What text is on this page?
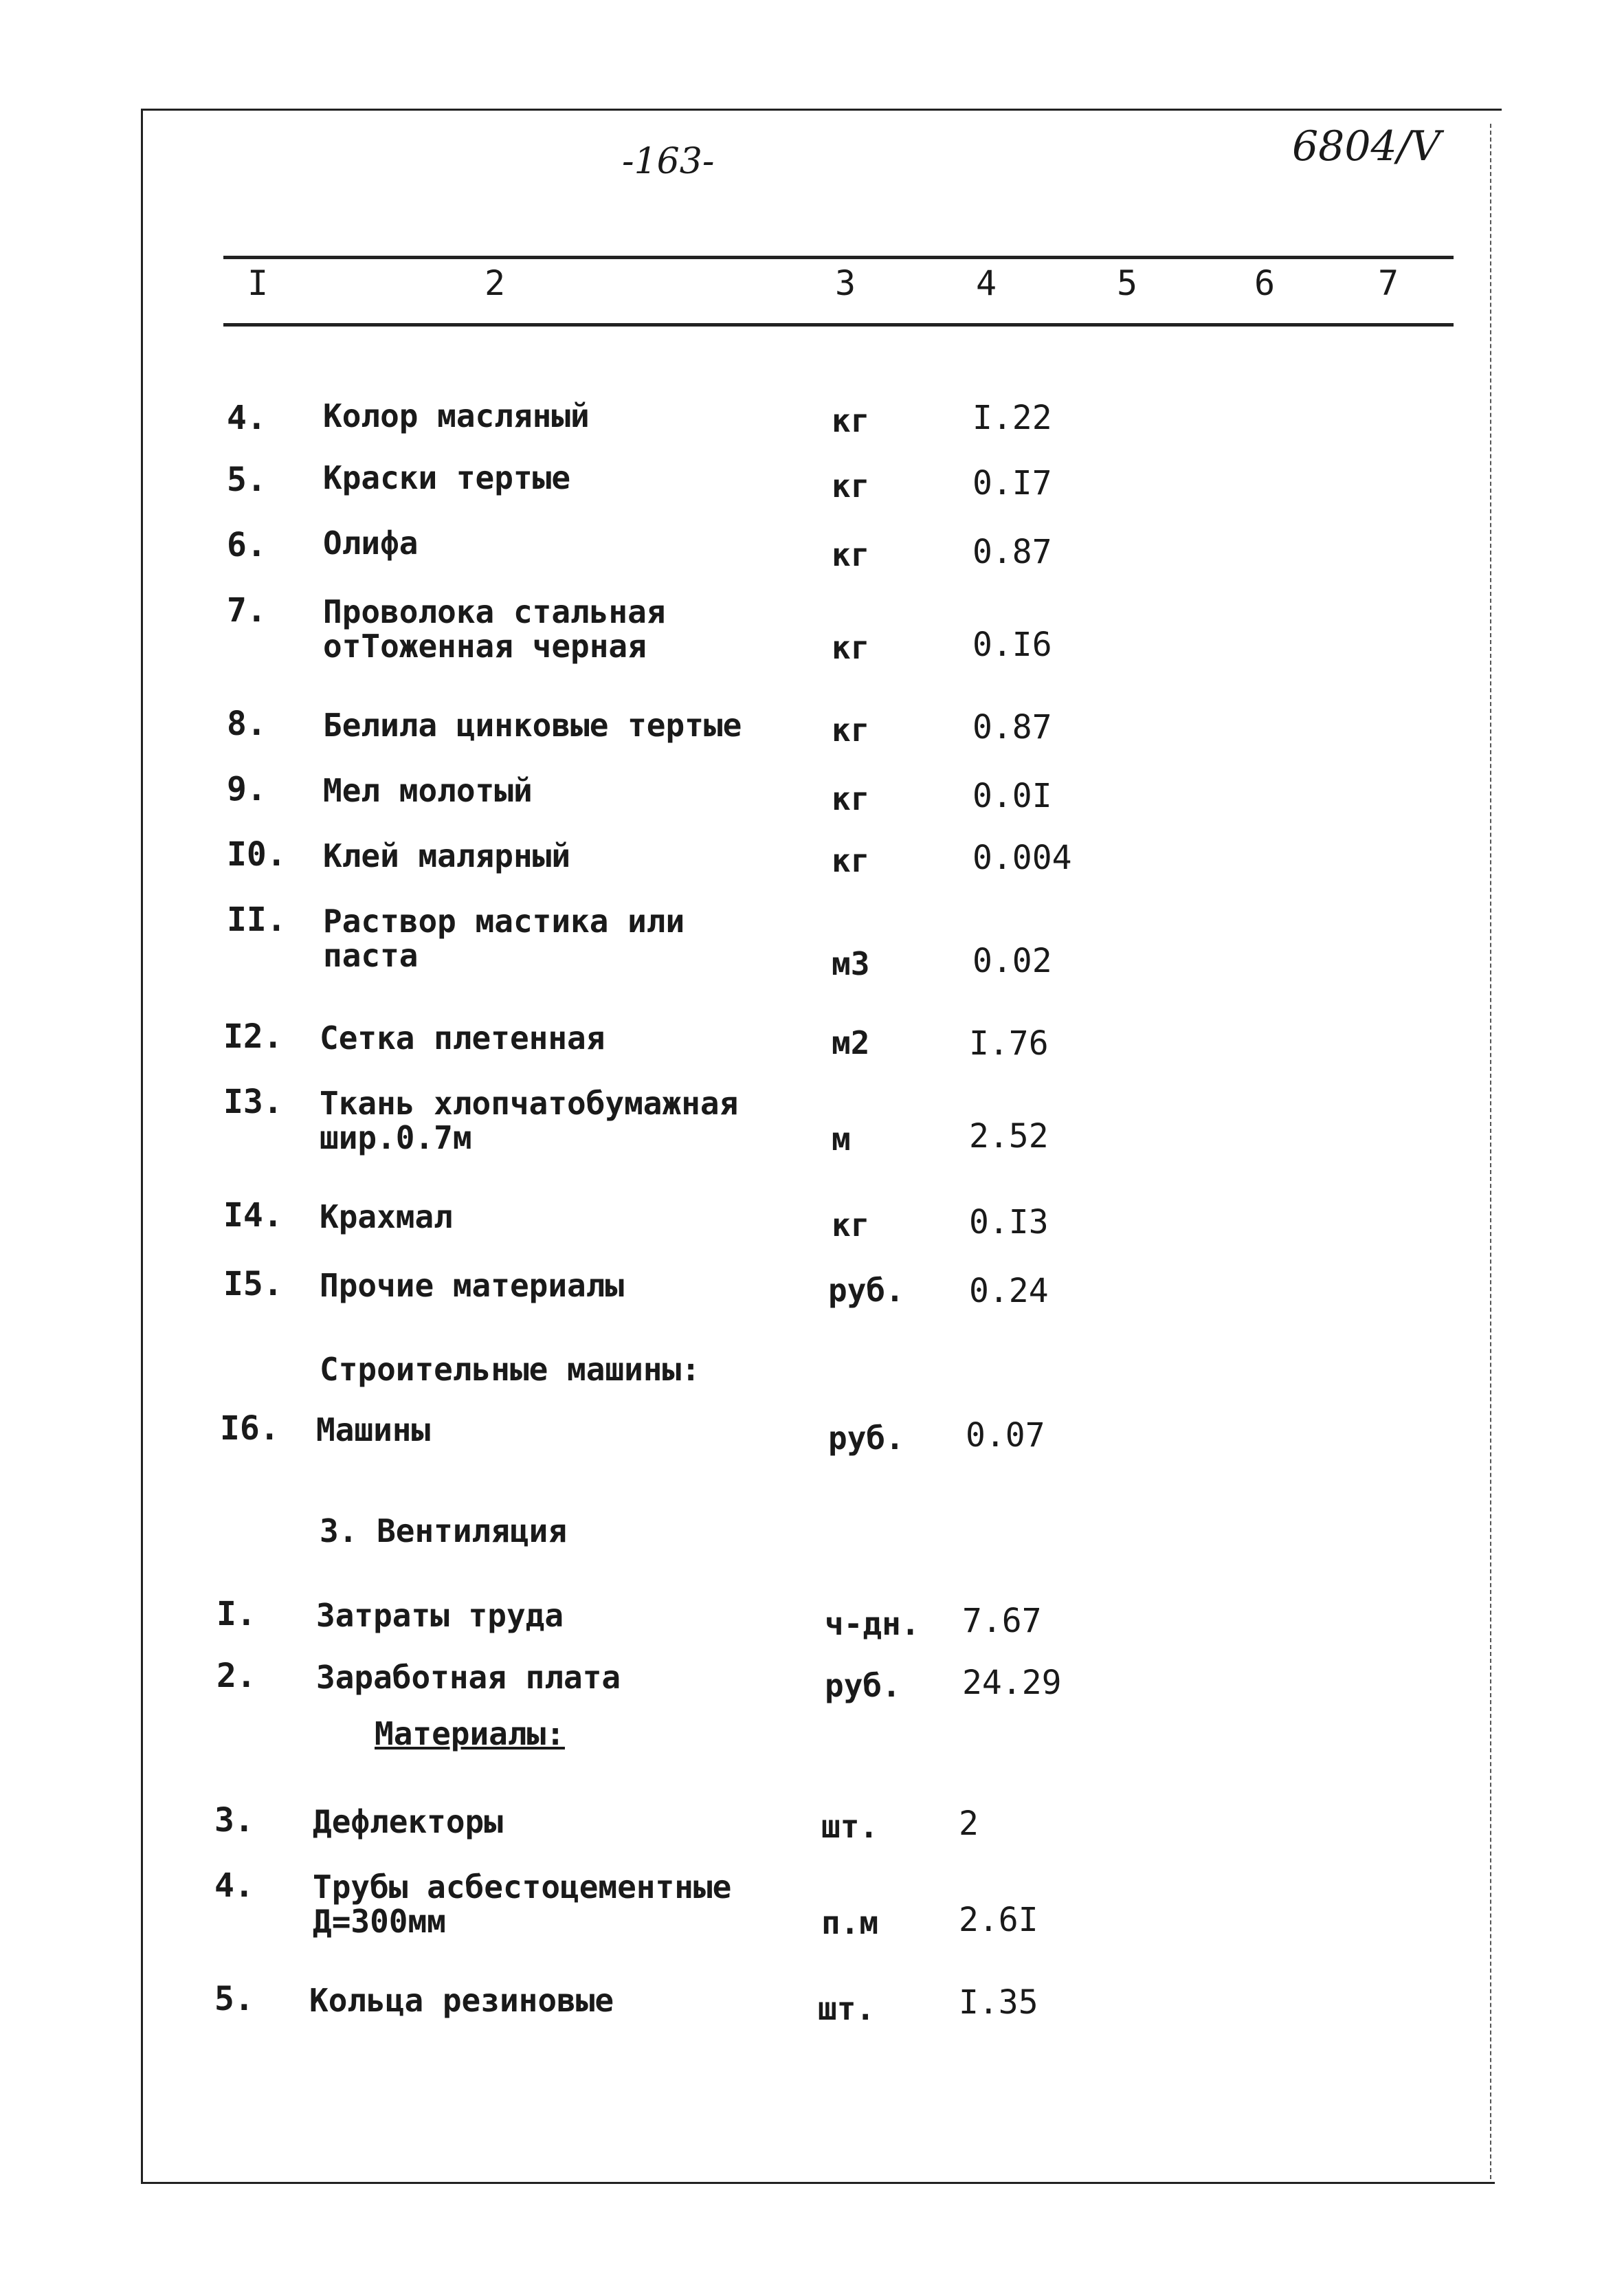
-163-	6804/V
I	2	3	4	5	6	7
4. Колор масляный	кг	I.22
5. Краски тертые	кг	0.I7
6. Олифа	кг	0.87
7. Проволока стальная
отТоженная черная	кг	0.I6
8. Белила цинковые тертые	кг	0.87
9. Мел молотый	кг	0.0I
I0. Клей малярный	кг	0.004
II. Раствор мастика или
паста	м3	0.02
I2. Сетка плетенная	м2	I.76
I3. Ткань хлопчатобумажная
шир.0.7м	м	2.52
I4. Крахмал	кг	0.I3
I5. Прочие материалы	руб. 0.24
Строительные машины:
I6. Машины	руб. 0.07
3. Вентиляция
I. Затраты труда	ч-дн. 7.67
2. Заработная плата	руб. 24.29
Материалы:
3. Дефлекторы	шт. 2
4. Трубы асбестоцементные
Д=300мм	п.м 2.6I
5. Кольца резиновые	шт.	I.35
